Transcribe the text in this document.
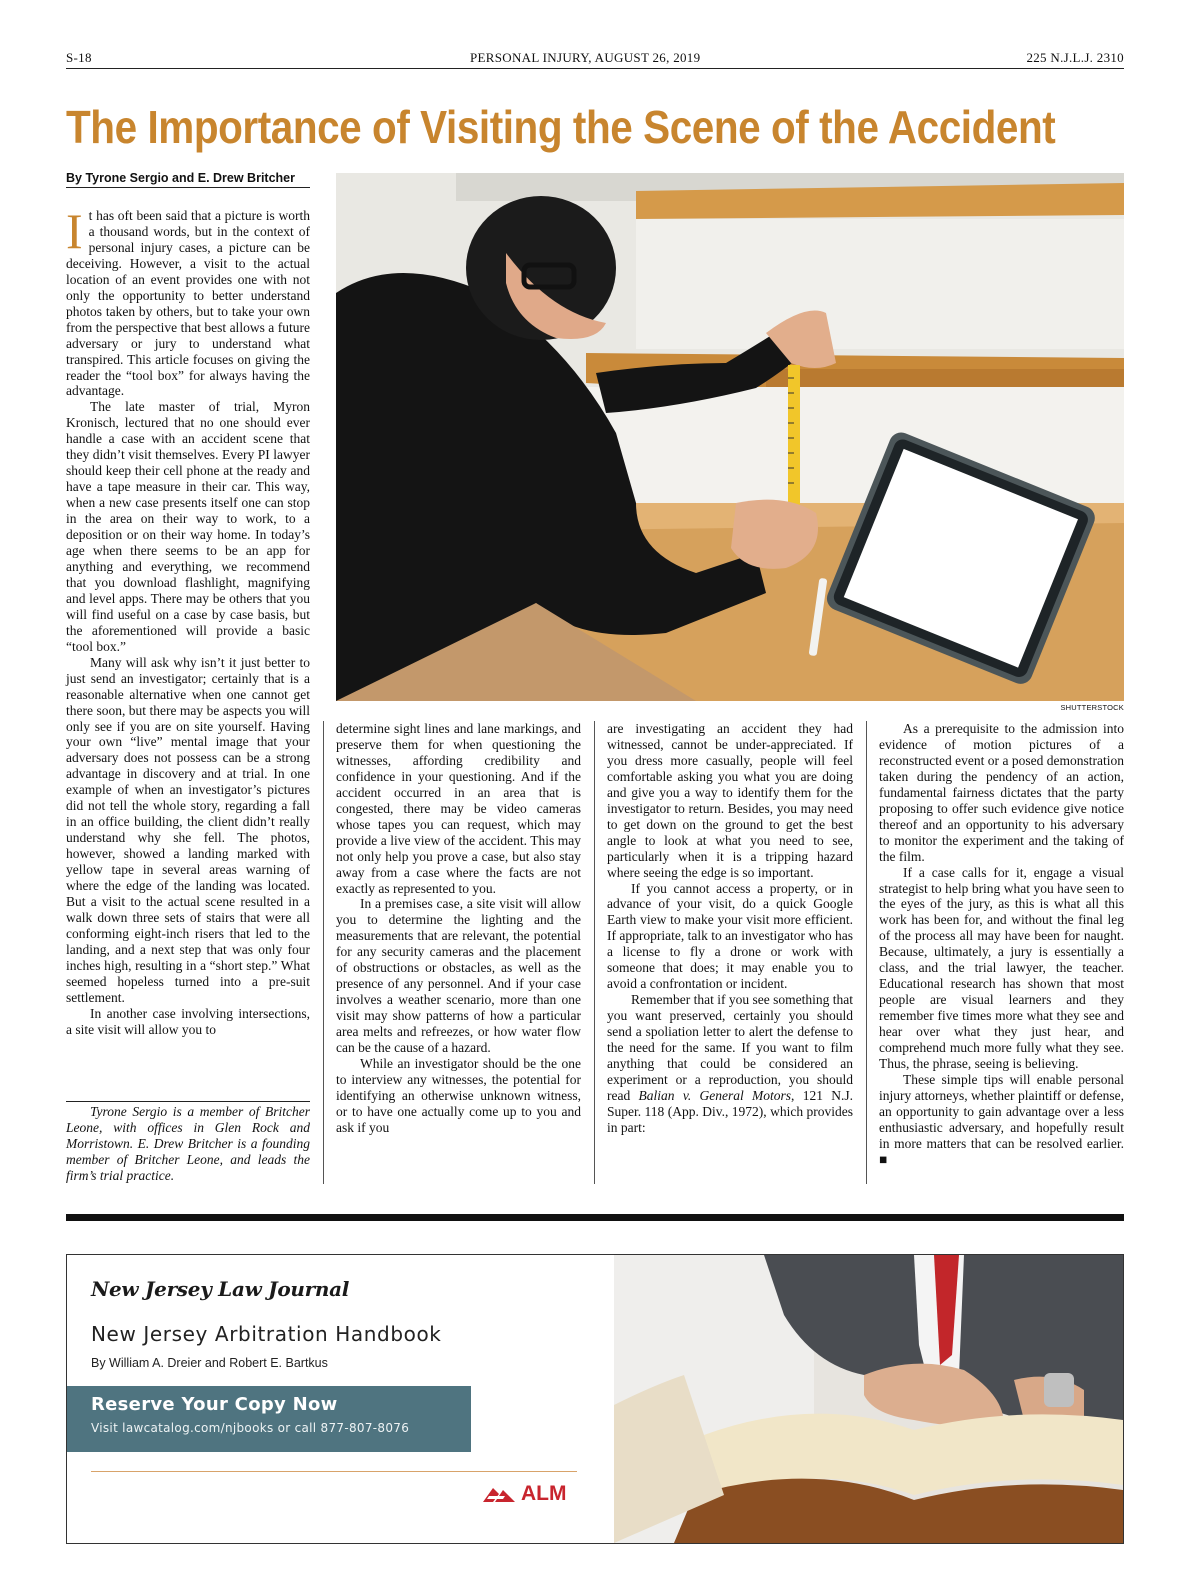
S-18	PERSONAL INJURY, AUGUST 26, 2019	225 N.J.L.J. 2310
The Importance of Visiting the Scene of the Accident
By Tyrone Sergio and E. Drew Britcher

It has oft been said that a picture is worth a thousand words, but in the context of personal injury cases, a picture can be deceiving. However, a visit to the actual location of an event provides one with not only the opportunity to better understand photos taken by others, but to take your own from the perspective that best allows a future adversary or jury to understand what transpired. This article focuses on giving the reader the “tool box” for always having the advantage.

The late master of trial, Myron Kronisch, lectured that no one should ever handle a case with an accident scene that they didn’t visit themselves. Every PI lawyer should keep their cell phone at the ready and have a tape measure in their car. This way, when a new case presents itself one can stop in the area on their way to work, to a deposition or on their way home. In today’s age when there seems to be an app for anything and everything, we recommend that you download flashlight, magnifying and level apps. There may be others that you will find useful on a case by case basis, but the aforementioned will provide a basic “tool box.”

Many will ask why isn’t it just better to just send an investigator; certainly that is a reasonable alternative when one cannot get there soon, but there may be aspects you will only see if you are on site yourself. Having your own “live” mental image that your adversary does not possess can be a strong advantage in discovery and at trial. In one example of when an investigator’s pictures did not tell the whole story, regarding a fall in an office building, the client didn’t really understand why she fell. The photos, however, showed a landing marked with yellow tape in several areas warning of where the edge of the landing was located. But a visit to the actual scene resulted in a walk down three sets of stairs that were all conforming eight-inch risers that led to the landing, and a next step that was only four inches high, resulting in a “short step.” What seemed hopeless turned into a pre-suit settlement.

In another case involving intersections, a site visit will allow you to

Tyrone Sergio is a member of Britcher Leone, with offices in Glen Rock and Morristown. E. Drew Britcher is a founding member of Britcher Leone, and leads the firm’s trial practice.

SHUTTERSTOCK

determine sight lines and lane markings, and preserve them for when questioning the witnesses, affording credibility and confidence in your questioning. And if the accident occurred in an area that is congested, there may be video cameras whose tapes you can request, which may provide a live view of the accident. This may not only help you prove a case, but also stay away from a case where the facts are not exactly as represented to you.

In a premises case, a site visit will allow you to determine the lighting and the measurements that are relevant, the potential for any security cameras and the placement of obstructions or obstacles, as well as the presence of any personnel. And if your case involves a weather scenario, more than one visit may show patterns of how a particular area melts and refreezes, or how water flow can be the cause of a hazard.

While an investigator should be the one to interview any witnesses, the potential for identifying an otherwise unknown witness, or to have one actually come up to you and ask if you

are investigating an accident they had witnessed, cannot be under-appreciated. If you dress more casually, people will feel comfortable asking you what you are doing and give you a way to identify them for the investigator to return. Besides, you may need to get down on the ground to get the best angle to look at what you need to see, particularly when it is a tripping hazard where seeing the edge is so important.

If you cannot access a property, or in advance of your visit, do a quick Google Earth view to make your visit more efficient. If appropriate, talk to an investigator who has a license to fly a drone or work with someone that does; it may enable you to avoid a confrontation or incident.

Remember that if you see something that you want preserved, certainly you should send a spoliation letter to alert the defense to the need for the same. If you want to film anything that could be considered an experiment or a reproduction, you should read Balian v. General Motors, 121 N.J. Super. 118 (App. Div., 1972), which provides in part:

As a prerequisite to the admission into evidence of motion pictures of a reconstructed event or a posed demonstration taken during the pendency of an action, fundamental fairness dictates that the party proposing to offer such evidence give notice thereof and an opportunity to his adversary to monitor the experiment and the taking of the film.

If a case calls for it, engage a visual strategist to help bring what you have seen to the eyes of the jury, as this is what all this work has been for, and without the final leg of the process all may have been for naught. Because, ultimately, a jury is essentially a class, and the trial lawyer, the teacher. Educational research has shown that most people are visual learners and they remember five times more what they see and hear over what they just hear, and comprehend much more fully what they see. Thus, the phrase, seeing is believing.

These simple tips will enable personal injury attorneys, whether plaintiff or defense, an opportunity to gain advantage over a less enthusiastic adversary, and hopefully result in more matters that can be resolved earlier. ■

New Jersey Law Journal
New Jersey Arbitration Handbook
By William A. Dreier and Robert E. Bartkus
Reserve Your Copy Now
Visit lawcatalog.com/njbooks or call 877-807-8076
ALM
